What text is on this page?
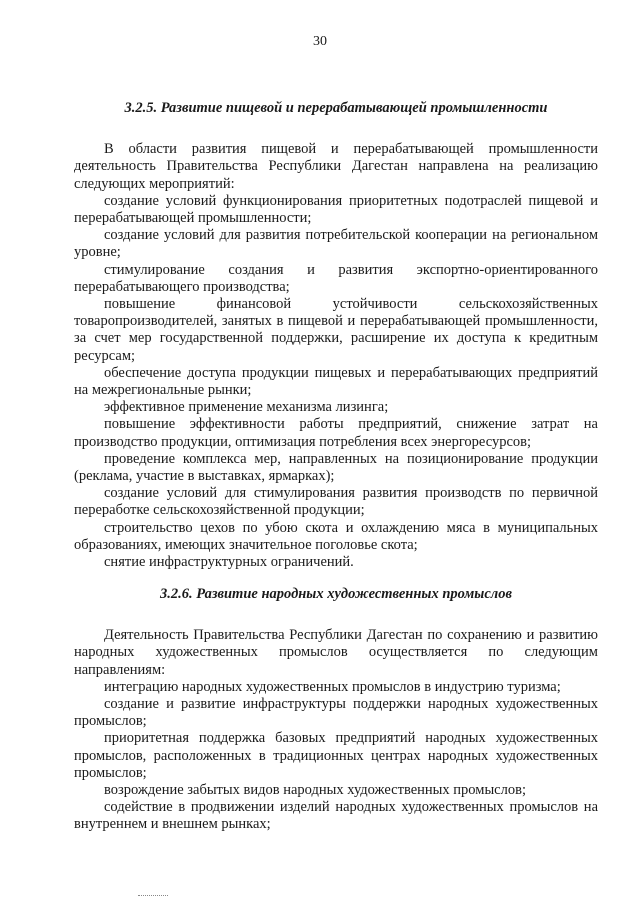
30
3.2.5. Развитие пищевой и перерабатывающей промышленности

В области развития пищевой и перерабатывающей промышленности деятельность Правительства Республики Дагестан направлена на реализацию следующих мероприятий:

создание условий функционирования приоритетных подотраслей пищевой и перерабатывающей промышленности;

создание условий для развития потребительской кооперации на региональном уровне;

стимулирование создания и развития экспортно-ориентированного перерабатывающего производства;

повышение финансовой устойчивости сельскохозяйственных товаропроизводителей, занятых в пищевой и перерабатывающей промышленности, за счет мер государственной поддержки, расширение их доступа к кредитным ресурсам;

обеспечение доступа продукции пищевых и перерабатывающих предприятий на межрегиональные рынки;

эффективное применение механизма лизинга;

повышение эффективности работы предприятий, снижение затрат на производство продукции, оптимизация потребления всех энергоресурсов;

проведение комплекса мер, направленных на позиционирование продукции (реклама, участие в выставках, ярмарках);

создание условий для стимулирования развития производств по первичной переработке сельскохозяйственной продукции;

строительство цехов по убою скота и охлаждению мяса в муниципальных образованиях, имеющих значительное поголовье скота;

снятие инфраструктурных ограничений.

3.2.6. Развитие народных художественных промыслов

Деятельность Правительства Республики Дагестан по сохранению и развитию народных художественных промыслов осуществляется по следующим направлениям:

интеграцию народных художественных промыслов в индустрию туризма;

создание и развитие инфраструктуры поддержки народных художественных промыслов;

приоритетная поддержка базовых предприятий народных художественных промыслов, расположенных в традиционных центрах народных художественных промыслов;

возрождение забытых видов народных художественных промыслов;

содействие в продвижении изделий народных художественных промыслов на внутреннем и внешнем рынках;
